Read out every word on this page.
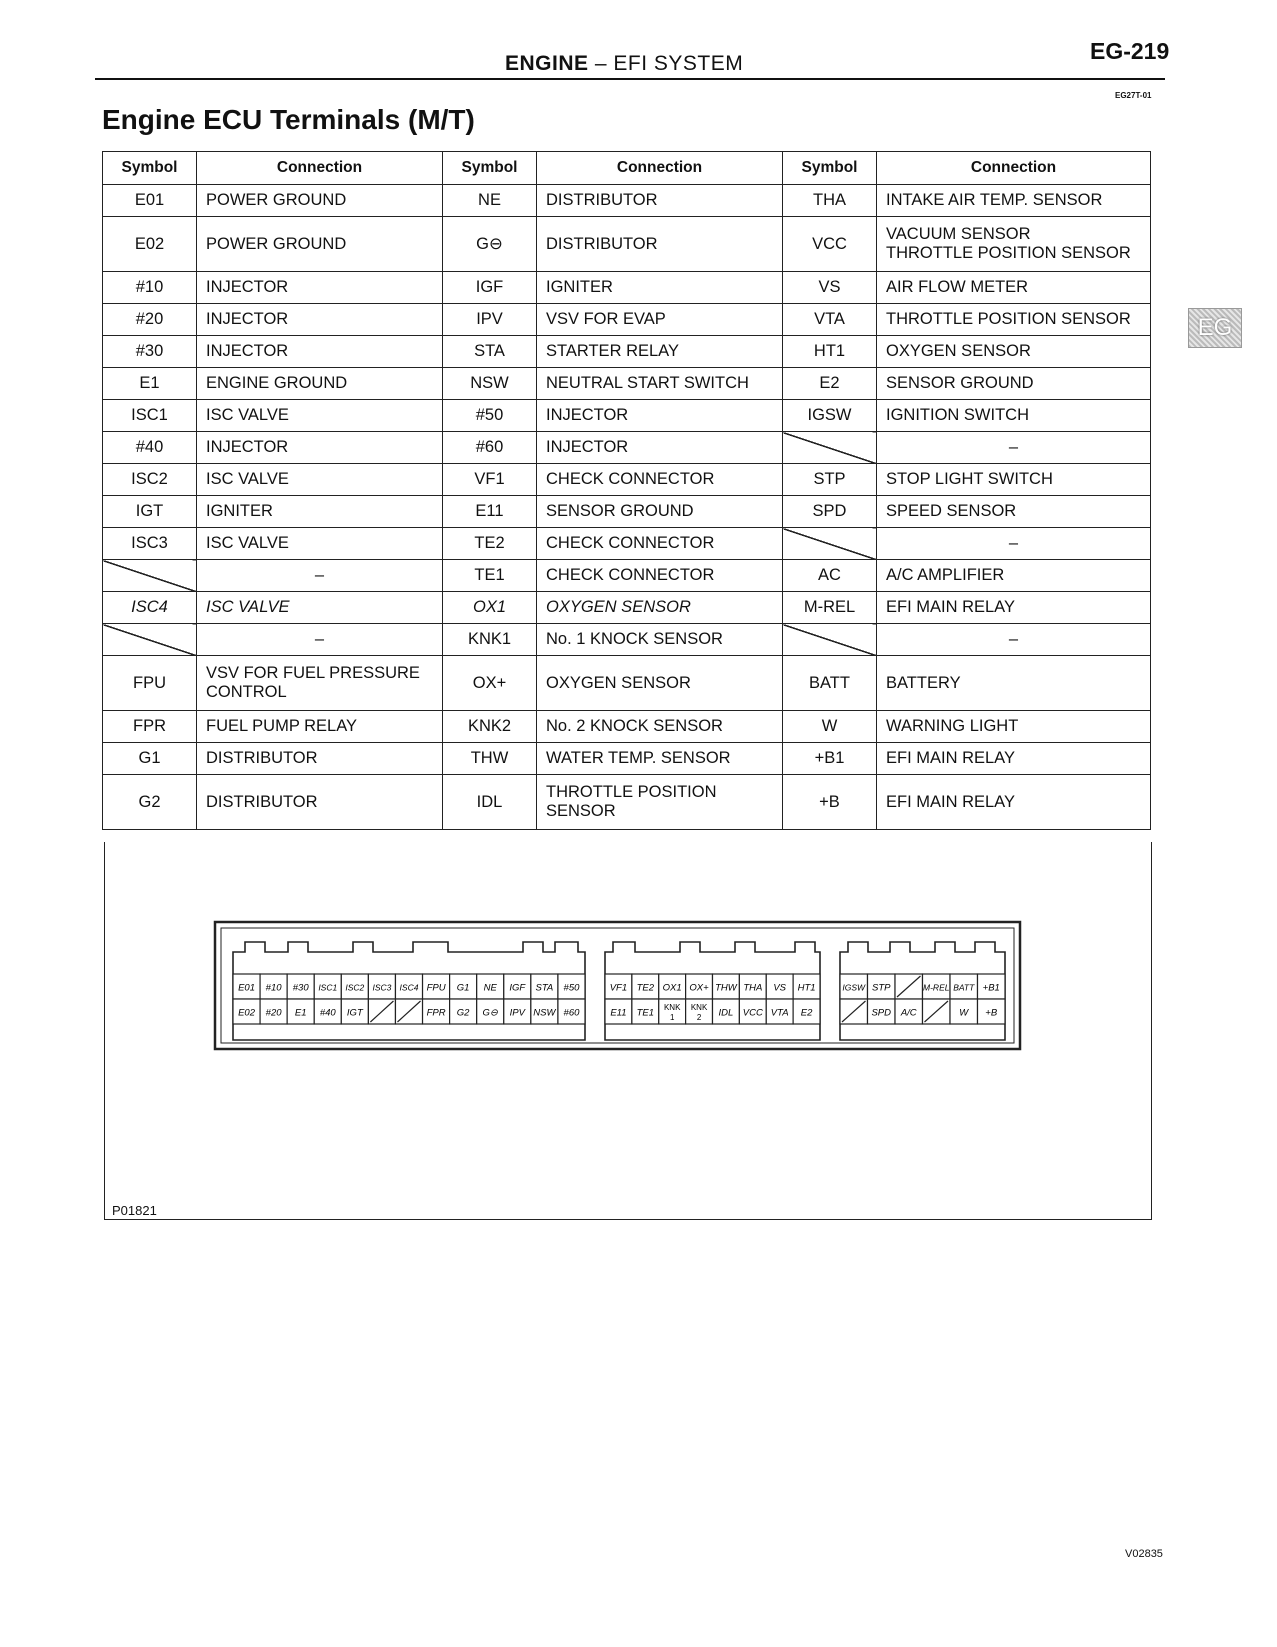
ENGINE – EFI SYSTEM	EG-219
EG27T-01
Engine ECU Terminals (M/T)
EG
Symbol	Connection	Symbol	Connection	Symbol	Connection

E01	POWER GROUND	NE	DISTRIBUTOR	THA	INTAKE AIR TEMP. SENSOR

E02	POWER GROUND	G⊖	DISTRIBUTOR	VCC	VACUUM SENSOR
THROTTLE POSITION SENSOR

#10	INJECTOR	IGF	IGNITER	VS	AIR FLOW METER

#20	INJECTOR	IPV	VSV FOR EVAP	VTA	THROTTLE POSITION SENSOR

#30	INJECTOR	STA	STARTER RELAY	HT1	OXYGEN SENSOR

E1	ENGINE GROUND	NSW	NEUTRAL START SWITCH	E2	SENSOR GROUND

ISC1	ISC VALVE	#50	INJECTOR	IGSW	IGNITION SWITCH

#40	INJECTOR	#60	INJECTOR		–

ISC2	ISC VALVE	VF1	CHECK CONNECTOR	STP	STOP LIGHT SWITCH

IGT	IGNITER	E11	SENSOR GROUND	SPD	SPEED SENSOR

ISC3	ISC VALVE	TE2	CHECK CONNECTOR		–

	–	TE1	CHECK CONNECTOR	AC	A/C AMPLIFIER

ISC4	ISC VALVE	OX1	OXYGEN SENSOR	M-REL	EFI MAIN RELAY

	–	KNK1	No. 1 KNOCK SENSOR		–

FPU	VSV FOR FUEL PRESSURE
CONTROL	OX+	OXYGEN SENSOR	BATT	BATTERY

FPR	FUEL PUMP RELAY	KNK2	No. 2 KNOCK SENSOR	W	WARNING LIGHT

G1	DISTRIBUTOR	THW	WATER TEMP. SENSOR	+B1	EFI MAIN RELAY

G2	DISTRIBUTOR	IDL	THROTTLE POSITION
SENSOR	+B	EFI MAIN RELAY
E01 #10 #30 ISC1 ISC2 ISC3 ISC4 FPU G1 NE IGF STA #50
E02 #20 E1 #40 IGT	FPR G2 G⊖ IPV NSW #60
VF1 TE2 OX1 OX+ THW THA VS HT1
E11 TE1 KNK
1
KNK
2 IDL VCC VTA E2
IGSW STP	M-REL BATT +B1
SPD A/C	W +B
P01821
V02835
